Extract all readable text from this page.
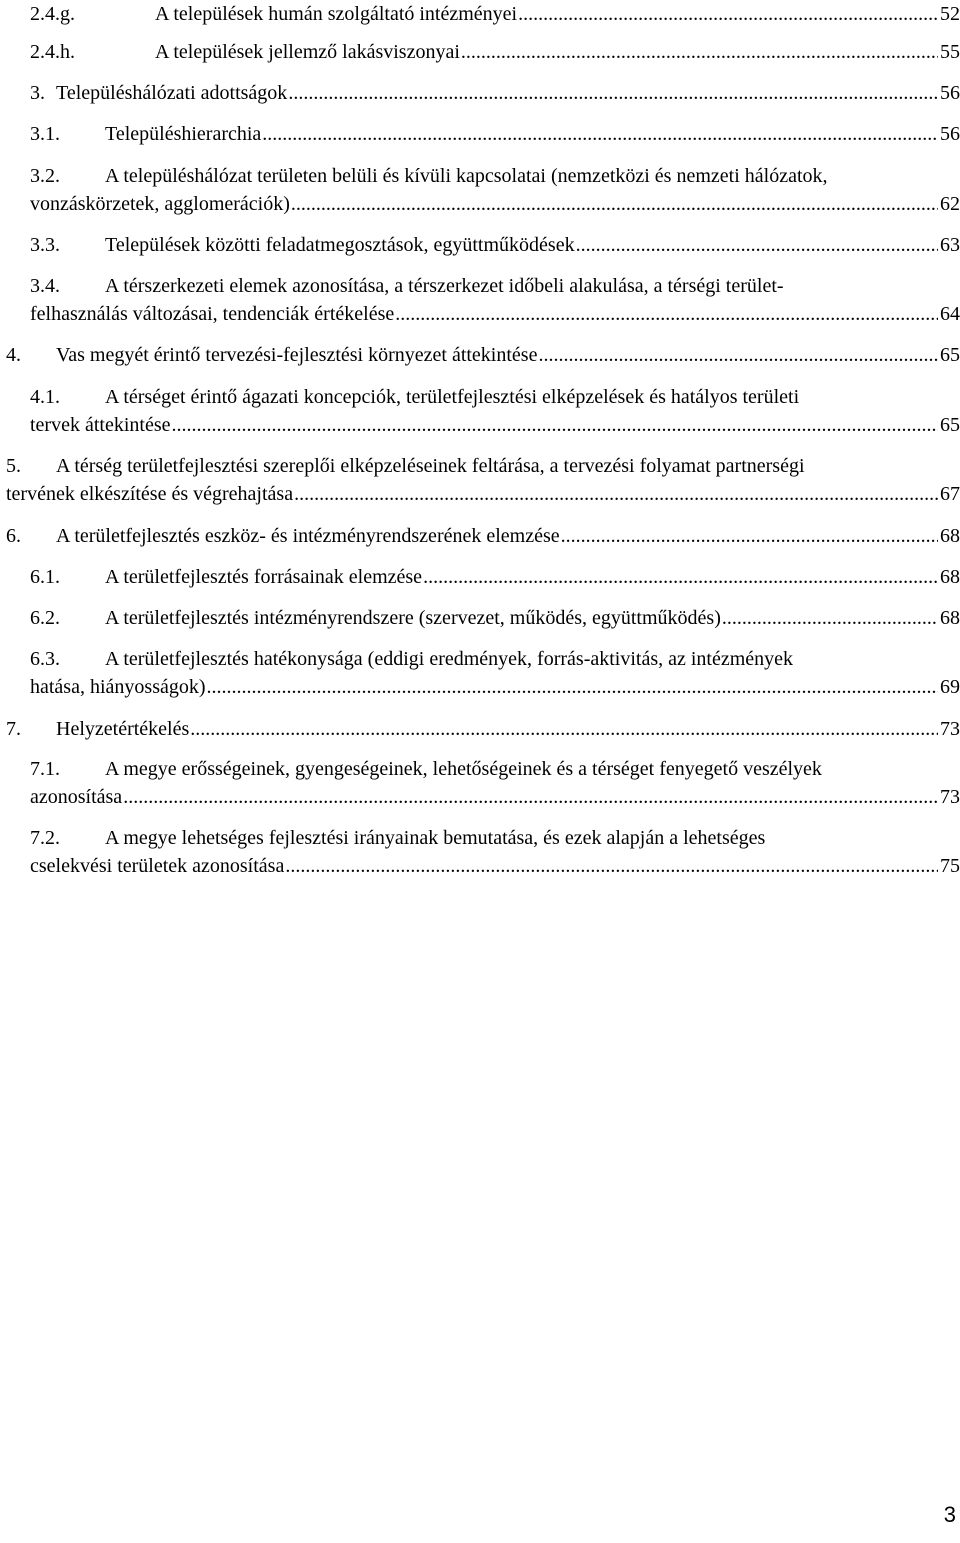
2.4.g.	A települések humán szolgáltató intézményei .....	52
2.4.h.	A települések jellemző lakásviszonyai .....	55
3. Településhálózati adottságok .....	56
3.1. Településhierarchia .....	56
3.2. A településhálózat területen belüli és kívüli kapcsolatai (nemzetközi és nemzeti hálózatok,
vonzáskörzetek, agglomerációk) .....	62
3.3. Települések közötti feladatmegosztások, együttműködések .....	63
3.4. A térszerkezeti elemek azonosítása, a térszerkezet időbeli alakulása, a térségi terület-
felhasználás változásai, tendenciák értékelése .....	64
4. Vas megyét érintő tervezési-fejlesztési környezet áttekintése .....	65
4.1. A térséget érintő ágazati koncepciók, területfejlesztési elképzelések és hatályos területi
tervek áttekintése .....	65
5. A térség területfejlesztési szereplői elképzeléseinek feltárása, a tervezési folyamat partnerségi
tervének elkészítése és végrehajtása .....	67
6. A területfejlesztés eszköz- és intézményrendszerének elemzése .....	68
6.1. A területfejlesztés forrásainak elemzése .....	68
6.2. A területfejlesztés intézményrendszere (szervezet, működés, együttműködés) .....	68
6.3. A területfejlesztés hatékonysága (eddigi eredmények, forrás-aktivitás, az intézmények
hatása, hiányosságok) .....	69
7. Helyzetértékelés .....	73
7.1. A megye erősségeinek, gyengeségeinek, lehetőségeinek és a térséget fenyegető veszélyek
azonosítása .....	73
7.2. A megye lehetséges fejlesztési irányainak bemutatása, és ezek alapján a lehetséges
cselekvési területek azonosítása .....	75
3
